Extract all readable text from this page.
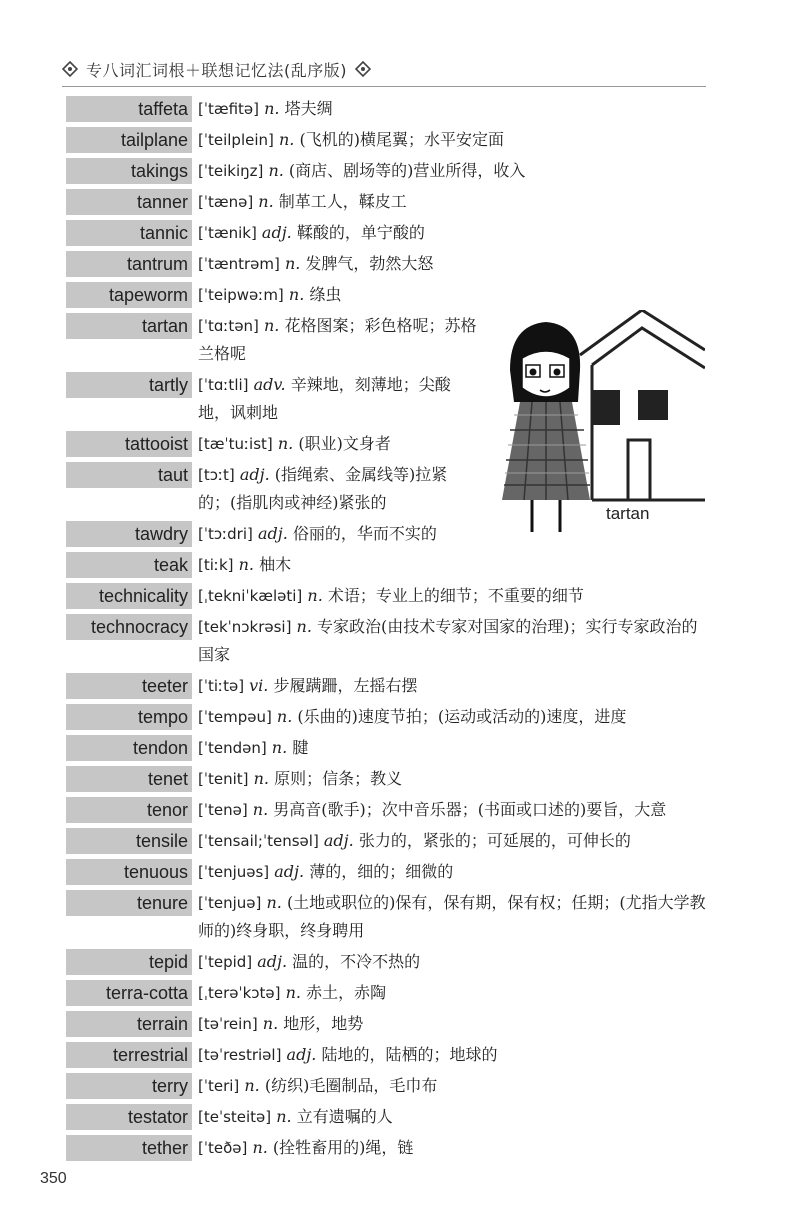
专八词汇词根＋联想记忆法(乱序版)
taffeta [ˈtæfitə] n. 塔夫绸
tailplane [ˈteilplein] n. (飞机的)横尾翼；水平安定面
takings [ˈteikiŋz] n. (商店、剧场等的)营业所得，收入
tanner [ˈtænə] n. 制革工人，鞣皮工
tannic [ˈtænik] adj. 鞣酸的，单宁酸的
tantrum [ˈtæntrəm] n. 发脾气，勃然大怒
tapeworm [ˈteipwəːm] n. 绦虫
tartan [ˈtɑːtən] n. 花格图案；彩色格呢；苏格兰格呢
tartly [ˈtɑːtli] adv. 辛辣地，刻薄地；尖酸地，讽刺地
tattooist [tæˈtuːist] n. (职业)文身者
taut [tɔːt] adj. (指绳索、金属线等)拉紧的；(指肌肉或神经)紧张的
tawdry [ˈtɔːdri] adj. 俗丽的，华而不实的
teak [tiːk] n. 柚木
technicality [ˌtekniˈkæləti] n. 术语；专业上的细节；不重要的细节
technocracy [tekˈnɔkrəsi] n. 专家政治(由技术专家对国家的治理)；实行专家政治的国家
teeter [ˈtiːtə] vi. 步履蹒跚，左摇右摆
tempo [ˈtempəu] n. (乐曲的)速度节拍；(运动或活动的)速度，进度
tendon [ˈtendən] n. 腱
tenet [ˈtenit] n. 原则；信条；教义
tenor [ˈtenə] n. 男高音(歌手)；次中音乐器；(书面或口述的)要旨，大意
tensile [ˈtensail;ˈtensəl] adj. 张力的，紧张的；可延展的，可伸长的
tenuous [ˈtenjuəs] adj. 薄的，细的；细微的
tenure [ˈtenjuə] n. (土地或职位的)保有，保有期，保有权；任期；(尤指大学教师的)终身职，终身聘用
tepid [ˈtepid] adj. 温的，不冷不热的
terra-cotta [ˌterəˈkɔtə] n. 赤土，赤陶
terrain [təˈrein] n. 地形，地势
terrestrial [təˈrestriəl] adj. 陆地的，陆栖的；地球的
terry [ˈteri] n. (纺织)毛圈制品，毛巾布
testator [teˈsteitə] n. 立有遗嘱的人
tether [ˈteðə] n. (拴牲畜用的)绳，链
tartan
350
